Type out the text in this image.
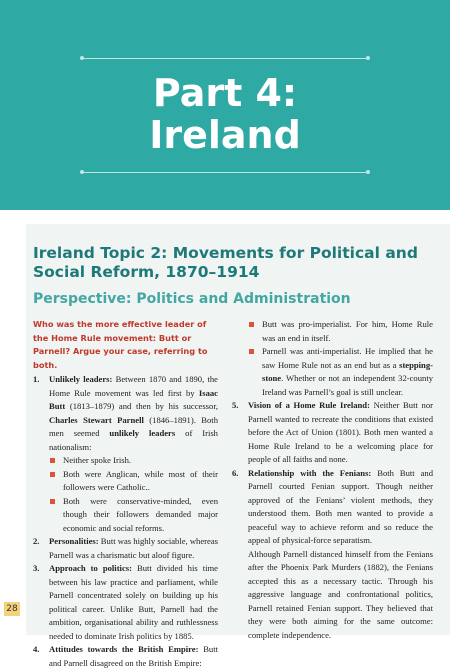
Part 4:
Ireland
Ireland Topic 2: Movements for Political and Social Reform, 1870–1914
Perspective: Politics and Administration

Who was the more effective leader of the Home Rule movement: Butt or Parnell? Argue your case, referring to both.

1. Unlikely leaders: Between 1870 and 1890, the Home Rule movement was led first by Isaac Butt (1813–1879) and then by his successor, Charles Stewart Parnell (1846–1891). Both men seemed unlikely leaders of Irish nationalism:

Neither spoke Irish.

Both were Anglican, while most of their followers were Catholic..

Both were conservative-minded, even though their followers demanded major economic and social reforms.

2. Personalities: Butt was highly sociable, whereas Parnell was a charismatic but aloof figure.

3. Approach to politics: Butt divided his time between his law practice and parliament, while Parnell concentrated solely on building up his political career. Unlike Butt, Parnell had the ambition, organisational ability and ruthlessness needed to dominate Irish politics by 1885.

4. Attitudes towards the British Empire: Butt and Parnell disagreed on the British Empire:

Butt was pro-imperialist. For him, Home Rule was an end in itself.

Parnell was anti-imperialist. He implied that he saw Home Rule not as an end but as a stepping-stone. Whether or not an independent 32-county Ireland was Parnell’s goal is still unclear.

5. Vision of a Home Rule Ireland: Neither Butt nor Parnell wanted to recreate the conditions that existed before the Act of Union (1801). Both men wanted a Home Rule Ireland to be a welcoming place for people of all faiths and none.

6. Relationship with the Fenians: Both Butt and Parnell courted Fenian support. Though neither approved of the Fenians’ violent methods, they understood them. Both men wanted to provide a peaceful way to achieve reform and so reduce the appeal of physical-force separatism.

Although Parnell distanced himself from the Fenians after the Phoenix Park Murders (1882), the Fenians accepted this as a necessary tactic. Through his aggressive language and confrontational politics, Parnell retained Fenian support. They believed that they were both aiming for the same outcome: complete independence.

28
